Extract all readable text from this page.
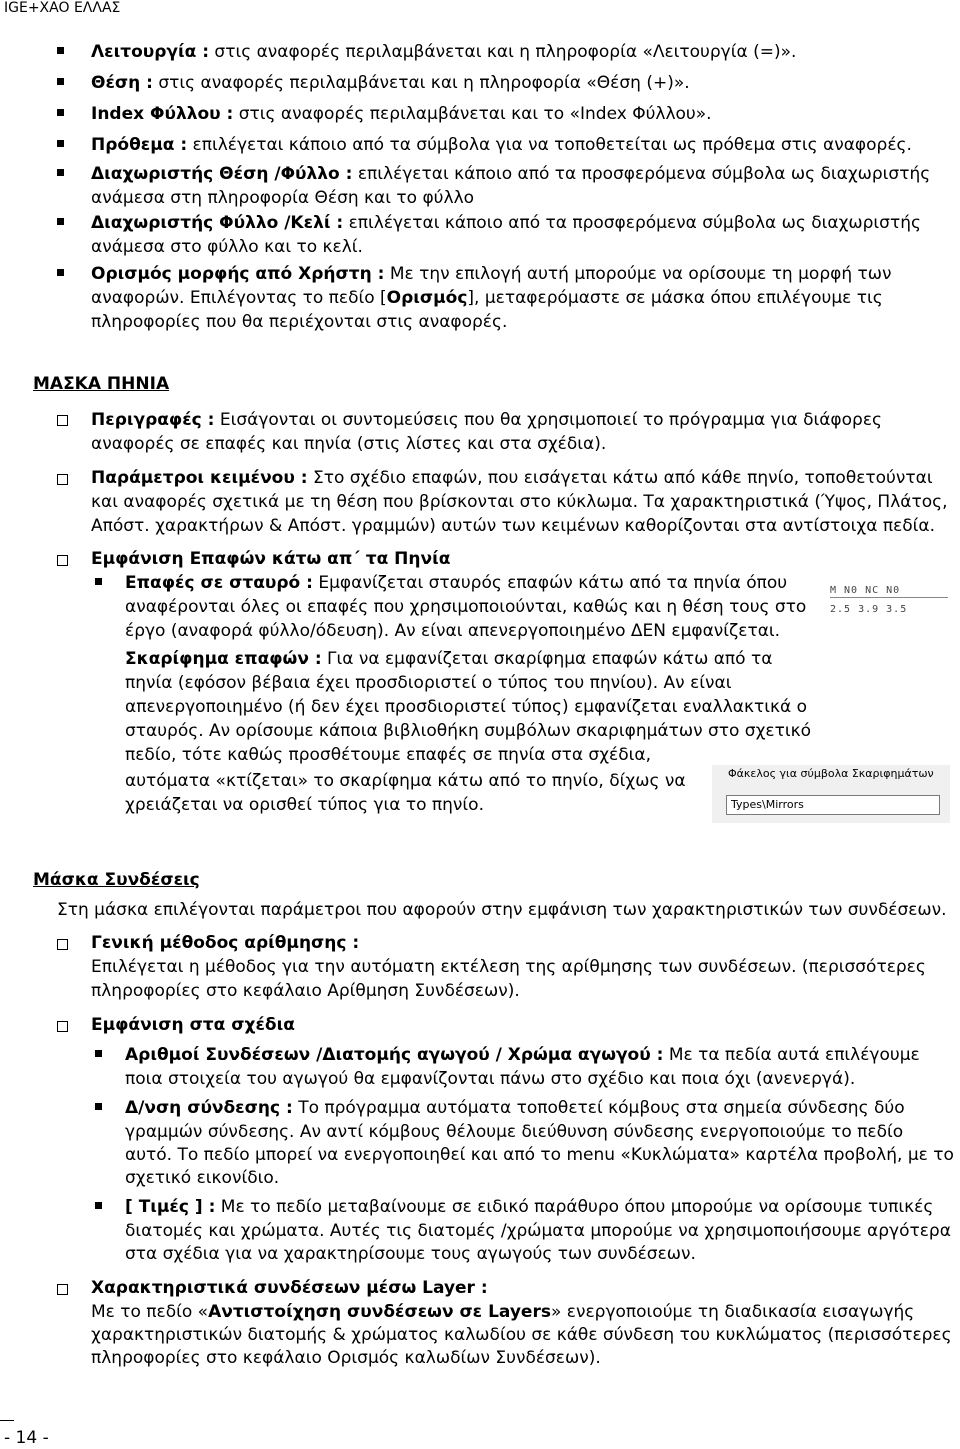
IGE+XAO ΕΛΛΑΣ
Λειτουργία : στις αναφορές περιλαμβάνεται και η πληροφορία «Λειτουργία (=)».
Θέση : στις αναφορές περιλαμβάνεται και η πληροφορία «Θέση (+)».
Index Φύλλου : στις αναφορές περιλαμβάνεται και το «Index Φύλλου».
Πρόθεμα : επιλέγεται κάποιο από τα σύμβολα για να τοποθετείται ως πρόθεμα στις αναφορές.
Διαχωριστής Θέση /Φύλλο : επιλέγεται κάποιο από τα προσφερόμενα σύμβολα ως διαχωριστής
ανάμεσα στη πληροφορία Θέση και το φύλλο
Διαχωριστής Φύλλο /Κελί : επιλέγεται κάποιο από τα προσφερόμενα σύμβολα ως διαχωριστής
ανάμεσα στο φύλλο και το κελί.
Ορισμός μορφής από Χρήστη : Με την επιλογή αυτή μπορούμε να ορίσουμε τη μορφή των
αναφορών. Επιλέγοντας το πεδίο [Ορισμός], μεταφερόμαστε σε μάσκα όπου επιλέγουμε τις
πληροφορίες που θα περιέχονται στις αναφορές.
ΜΑΣΚΑ ΠΗΝΙΑ
Περιγραφές : Εισάγονται οι συντομεύσεις που θα χρησιμοποιεί το πρόγραμμα για διάφορες
αναφορές σε επαφές και πηνία (στις λίστες και στα σχέδια).
Παράμετροι κειμένου : Στο σχέδιο επαφών, που εισάγεται κάτω από κάθε πηνίο, τοποθετούνται
και αναφορές σχετικά με τη θέση που βρίσκονται στο κύκλωμα. Τα χαρακτηριστικά (Ύψος, Πλάτος,
Απόστ. χαρακτήρων & Απόστ. γραμμών) αυτών των κειμένων καθορίζονται στα αντίστοιχα πεδία.
Εμφάνιση Επαφών κάτω απ΄ τα Πηνία
Επαφές σε σταυρό : Εμφανίζεται σταυρός επαφών κάτω από τα πηνία όπου
αναφέρονται όλες οι επαφές που χρησιμοποιούνται, καθώς και η θέση τους στο
έργο (αναφορά φύλλο/όδευση). Αν είναι απενεργοποιημένο ΔΕΝ εμφανίζεται.
Σκαρίφημα επαφών : Για να εμφανίζεται σκαρίφημα επαφών κάτω από τα
πηνία (εφόσον βέβαια έχει προσδιοριστεί ο τύπος του πηνίου). Αν είναι
απενεργοποιημένο (ή δεν έχει προσδιοριστεί τύπος) εμφανίζεται εναλλακτικά ο
σταυρός. Αν ορίσουμε κάποια βιβλιοθήκη συμβόλων σκαριφημάτων στο σχετικό
πεδίο, τότε καθώς προσθέτουμε επαφές σε πηνία στα σχέδια,
αυτόματα «κτίζεται» το σκαρίφημα κάτω από το πηνίο, δίχως να
χρειάζεται να ορισθεί τύπος για το πηνίο.
M N0 NC N0
2.5 3.9 3.5
Φάκελος για σύμβολα Σκαριφημάτων
Types\Mirrors
Μάσκα Συνδέσεις
Στη μάσκα επιλέγονται παράμετροι που αφορούν στην εμφάνιση των χαρακτηριστικών των συνδέσεων.
Γενική μέθοδος αρίθμησης :
Επιλέγεται η μέθοδος για την αυτόματη εκτέλεση της αρίθμησης των συνδέσεων. (περισσότερες
πληροφορίες στο κεφάλαιο Αρίθμηση Συνδέσεων).
Εμφάνιση στα σχέδια
Αριθμοί Συνδέσεων /Διατομής αγωγού / Χρώμα αγωγού : Με τα πεδία αυτά επιλέγουμε
ποια στοιχεία του αγωγού θα εμφανίζονται πάνω στο σχέδιο και ποια όχι (ανενεργά).
Δ/νση σύνδεσης : Το πρόγραμμα αυτόματα τοποθετεί κόμβους στα σημεία σύνδεσης δύο
γραμμών σύνδεσης. Αν αντί κόμβους θέλουμε διεύθυνση σύνδεσης ενεργοποιούμε το πεδίο
αυτό. Το πεδίο μπορεί να ενεργοποιηθεί και από το menu «Κυκλώματα» καρτέλα προβολή, με το
σχετικό εικονίδιο.
[ Τιμές ] : Με το πεδίο μεταβαίνουμε σε ειδικό παράθυρο όπου μπορούμε να ορίσουμε τυπικές
διατομές και χρώματα. Αυτές τις διατομές /χρώματα μπορούμε να χρησιμοποιήσουμε αργότερα
στα σχέδια για να χαρακτηρίσουμε τους αγωγούς των συνδέσεων.
Χαρακτηριστικά συνδέσεων μέσω Layer :
Με το πεδίο «Αντιστοίχηση συνδέσεων σε Layers» ενεργοποιούμε τη διαδικασία εισαγωγής
χαρακτηριστικών διατομής & χρώματος καλωδίου σε κάθε σύνδεση του κυκλώματος (περισσότερες
πληροφορίες στο κεφάλαιο Ορισμός καλωδίων Συνδέσεων).
- 14 -
